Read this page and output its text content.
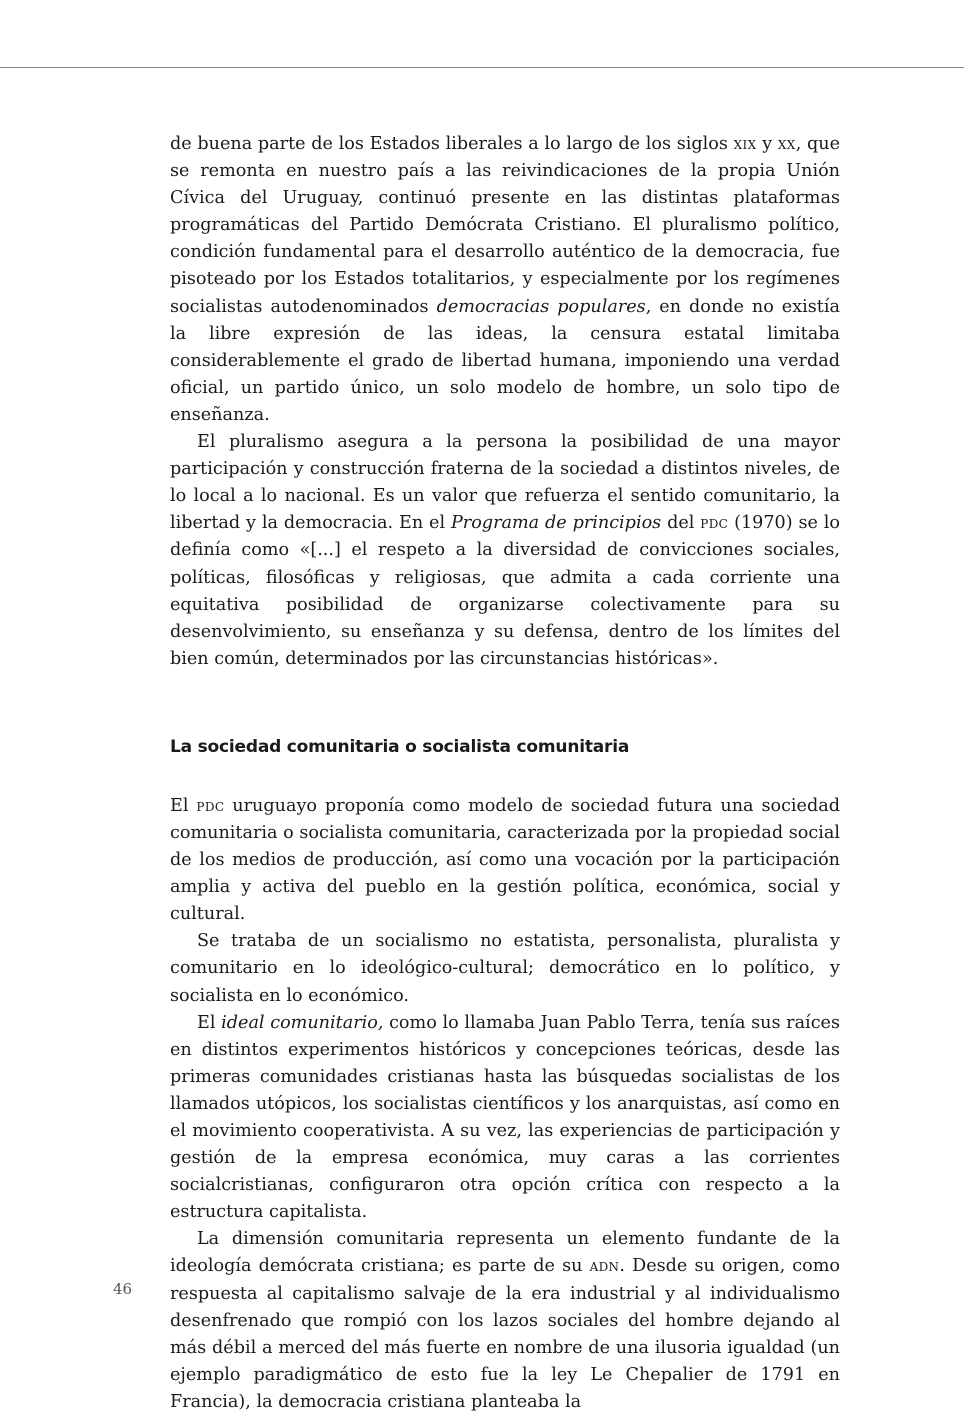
de buena parte de los Estados liberales a lo largo de los siglos xix y xx, que se remonta en nuestro país a las reivindicaciones de la propia Unión Cívica del Uruguay, continuó presente en las distintas plataformas programáticas del Partido Demócrata Cristiano. El pluralismo político, condición fundamental para el desarrollo auténtico de la democracia, fue pisoteado por los Estados totalitarios, y especialmente por los regímenes socialistas autodenominados democracias populares, en donde no existía la libre expresión de las ideas, la censura estatal limitaba considerablemente el grado de libertad humana, imponiendo una verdad oficial, un partido único, un solo modelo de hombre, un solo tipo de enseñanza.

El pluralismo asegura a la persona la posibilidad de una mayor participación y construcción fraterna de la sociedad a distintos niveles, de lo local a lo nacional. Es un valor que refuerza el sentido comunitario, la libertad y la democracia. En el Programa de principios del pdc (1970) se lo definía como «[...] el respeto a la diversidad de convicciones sociales, políticas, filosóficas y religiosas, que admita a cada corriente una equitativa posibilidad de organizarse colectivamente para su desenvolvimiento, su enseñanza y su defensa, dentro de los límites del bien común, determinados por las circunstancias históricas».

La sociedad comunitaria o socialista comunitaria

El pdc uruguayo proponía como modelo de sociedad futura una sociedad comunitaria o socialista comunitaria, caracterizada por la propiedad social de los medios de producción, así como una vocación por la participación amplia y activa del pueblo en la gestión política, económica, social y cultural.

Se trataba de un socialismo no estatista, personalista, pluralista y comunitario en lo ideológico-cultural; democrático en lo político, y socialista en lo económico.

El ideal comunitario, como lo llamaba Juan Pablo Terra, tenía sus raíces en distintos experimentos históricos y concepciones teóricas, desde las primeras comunidades cristianas hasta las búsquedas socialistas de los llamados utópicos, los socialistas científicos y los anarquistas, así como en el movimiento cooperativista. A su vez, las experiencias de participación y gestión de la empresa económica, muy caras a las corrientes socialcristianas, configuraron otra opción crítica con respecto a la estructura capitalista.

La dimensión comunitaria representa un elemento fundante de la ideología demócrata cristiana; es parte de su adn. Desde su origen, como respuesta al capitalismo salvaje de la era industrial y al individualismo desenfrenado que rompió con los lazos sociales del hombre dejando al más débil a merced del más fuerte en nombre de una ilusoria igualdad (un ejemplo paradigmático de esto fue la ley Le Chepalier de 1791 en Francia), la democracia cristiana planteaba la

46
